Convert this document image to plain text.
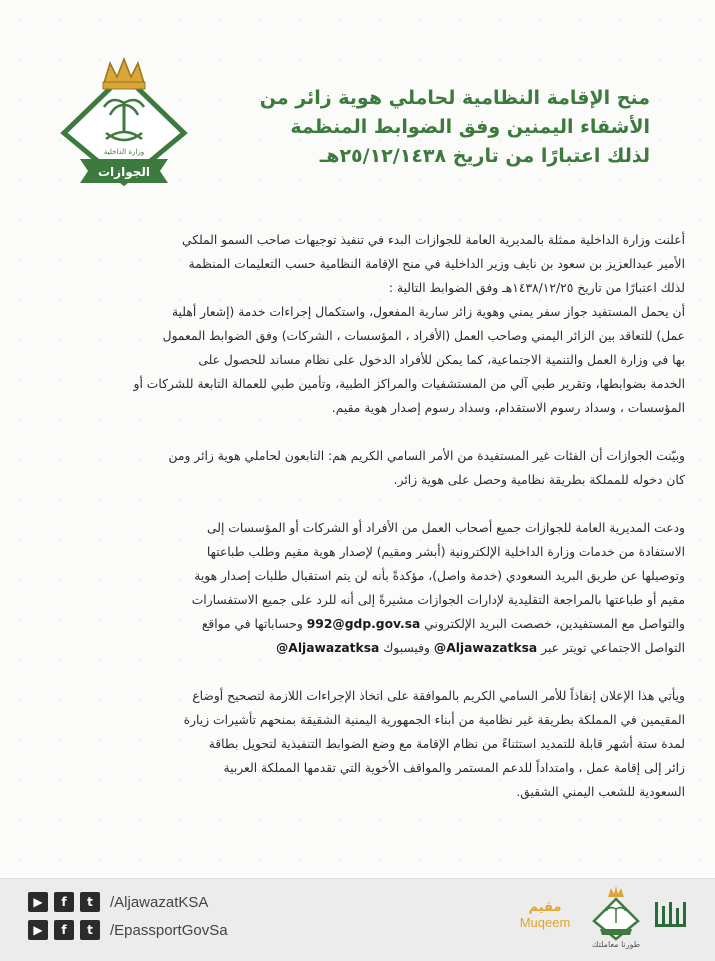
وزارة الداخلية
الجوازات
منح الإقامة النظامية لحاملي هوية زائر من
الأشقاء اليمنين وفق الضوابط المنظمة
لذلك اعتبارًا من تاريخ ٢٥/١٢/١٤٣٨هـ
أعلنت وزارة الداخلية ممثلة بالمديرية العامة للجوازات البدء في تنفيذ توجيهات صاحب السمو الملكي
الأمير عبدالعزيز بن سعود بن نايف وزير الداخلية في منح الإقامة النظامية حسب التعليمات المنظمة
لذلك اعتبارًا من تاريخ ١٤٣٨/١٢/٢٥هـ وفق الضوابط التالية :
أن يحمل المستفيد جواز سفر يمني وهوية زائر سارية المفعول، واستكمال إجراءات خدمة (إشعار أهلية
عمل) للتعاقد بين الزائر اليمني وصاحب العمل (الأفراد ، المؤسسات ، الشركات) وفق الضوابط المعمول
بها في وزارة العمل والتنمية الاجتماعية، كما يمكن للأفراد الدخول على نظام مساند للحصول على
الخدمة بضوابطها، وتقرير طبي آلي من المستشفيات والمراكز الطبية، وتأمين طبي للعمالة التابعة للشركات أو
المؤسسات ، وسداد رسوم الاستقدام، وسداد رسوم إصدار هوية مقيم.
وبيّنت الجوازات أن الفئات غير المستفيدة من الأمر السامي الكريم هم: التابعون لحاملي هوية زائر ومن
كان دخوله للمملكة بطريقة نظامية وحصل على هوية زائر.
ودعت المديرية العامة للجوازات جميع أصحاب العمل من الأفراد أو الشركات أو المؤسسات إلى
الاستفادة من خدمات وزارة الداخلية الإلكترونية (أبشر ومقيم) لإصدار هوية مقيم وطلب طباعتها
وتوصيلها عن طريق البريد السعودي (خدمة واصل)، مؤكدةً بأنه لن يتم استقبال طلبات إصدار هوية
مقيم أو طباعتها بالمراجعة التقليدية لإدارات الجوازات مشيرةً إلى أنه للرد على جميع الاستفسارات
والتواصل مع المستفيدين، خصصت البريد الإلكتروني 992@gdp.gov.sa وحساباتها في مواقع
التواصل الاجتماعي تويتر عبر @Aljawazatksa وفيسبوك @Aljawazatksa
ويأتي هذا الإعلان إنفاذاً للأمر السامي الكريم بالموافقة على اتخاذ الإجراءات اللازمة لتصحيح أوضاع
المقيمين في المملكة بطريقة غير نظامية من أبناء الجمهورية اليمنية الشقيقة بمنحهم تأشيرات زيارة
لمدة ستة أشهر قابلة للتمديد استثناءً من نظام الإقامة مع وضع الضوابط التنفيذية لتحويل بطاقة
زائر إلى إقامة عمل ، وامتداداً للدعم المستمر والمواقف الأخوية التي تقدمها المملكة العربية
السعودية للشعب اليمني الشقيق.
▶	f	t	/AljawazatKSA
▶	f	t	/EpassportGovSa
مقيم
Muqeem
طورنا معاملتك
